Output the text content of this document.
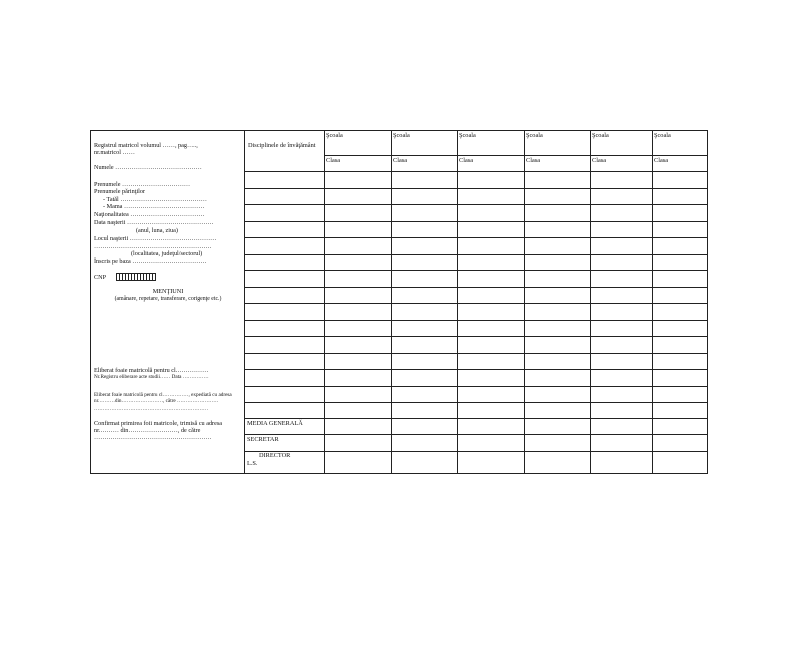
Registrul matricol volumul ……, pag…..,
nr.matricol ……
Numele ……………………………………
Prenumele ……………………………
Prenumele părinţilor
- Tatăl ……………………………………
- Mama …………………………………
Naţionalitatea ………………………………
Data naşterii ……………………………………
(anul, luna, ziua)
Locul naşterii ……………………………………
…………………………………………………
(localitatea, judeţul/sectorul)
Înscris pe baza ………………………………
CNP
MENŢIUNI
(amânare, repetare, transferare, corigenţe etc.)
Eliberat foaie matricolă pentru cl.……………
Nr.Registru eliberare acte studii…… Data ……………
Eliberat foaie matricolă pentru cl……………, expediată cu adresa nr.………din……………………, către ……………………
…………………………………………………………
Confirmat primirea foii matricole, trimisă cu adresa nr.……… din……………………, de către …………………………………………………
Disciplinele de învăţământ
Şcoala	Şcoala	Şcoala	Şcoala	Şcoala	Şcoala
Clasa	Clasa	Clasa	Clasa	Clasa	Clasa
MEDIA GENERALĂ
SECRETAR
DIRECTOR
L.S.
